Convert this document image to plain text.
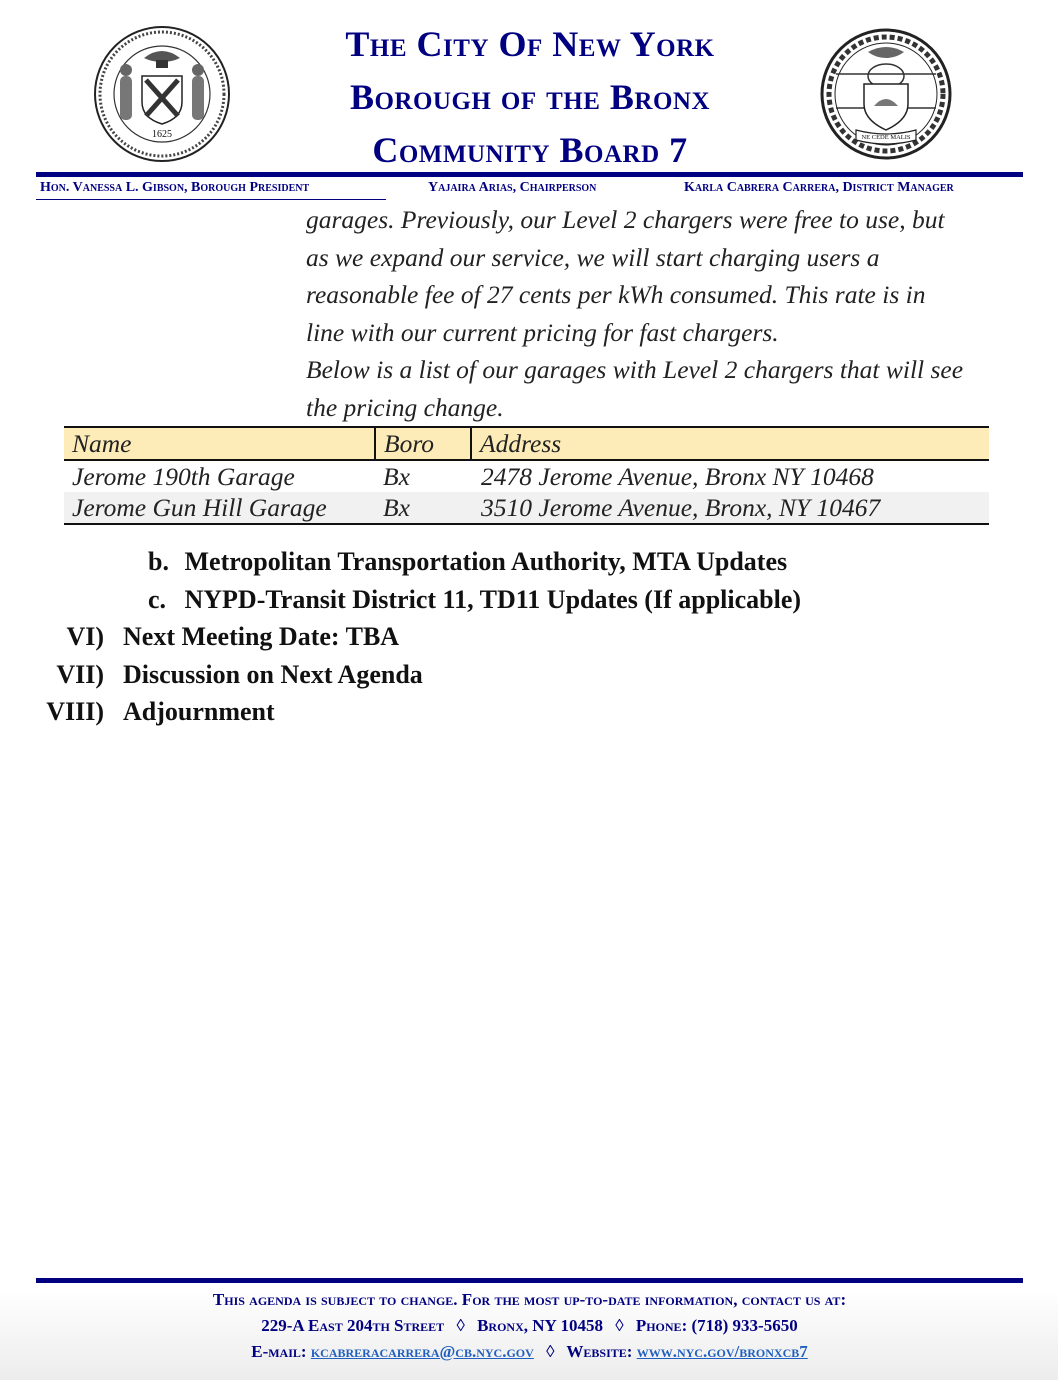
1625	NE CEDE MALIS
The City Of New York
Borough of the Bronx
Community Board 7
Hon. Vanessa L. Gibson, Borough President	Yajaira Arias, Chairperson	Karla Cabrera Carrera, District Manager

garages. Previously, our Level 2 chargers were free to use, but

as we expand our service, we will start charging users a

reasonable fee of 27 cents per kWh consumed. This rate is in

line with our current pricing for fast chargers.

Below is a list of our garages with Level 2 chargers that will see

the pricing change.

Name	Boro	Address
Jerome 190th Garage	Bx	2478 Jerome Avenue, Bronx NY 10468
Jerome Gun Hill Garage	Bx	3510 Jerome Avenue, Bronx, NY 10467
b. Metropolitan Transportation Authority, MTA Updates
c. NYPD-Transit District 11, TD11 Updates (If applicable)
VI) Next Meeting Date: TBA
VII) Discussion on Next Agenda
VIII) Adjournment
This agenda is subject to change. For the most up-to-date information, contact us at:
229-A East 204th Street ◊ Bronx, NY 10458 ◊ Phone: (718) 933-5650
E-mail: kcabreracarrera@cb.nyc.gov ◊ Website: www.nyc.gov/bronxcb7
